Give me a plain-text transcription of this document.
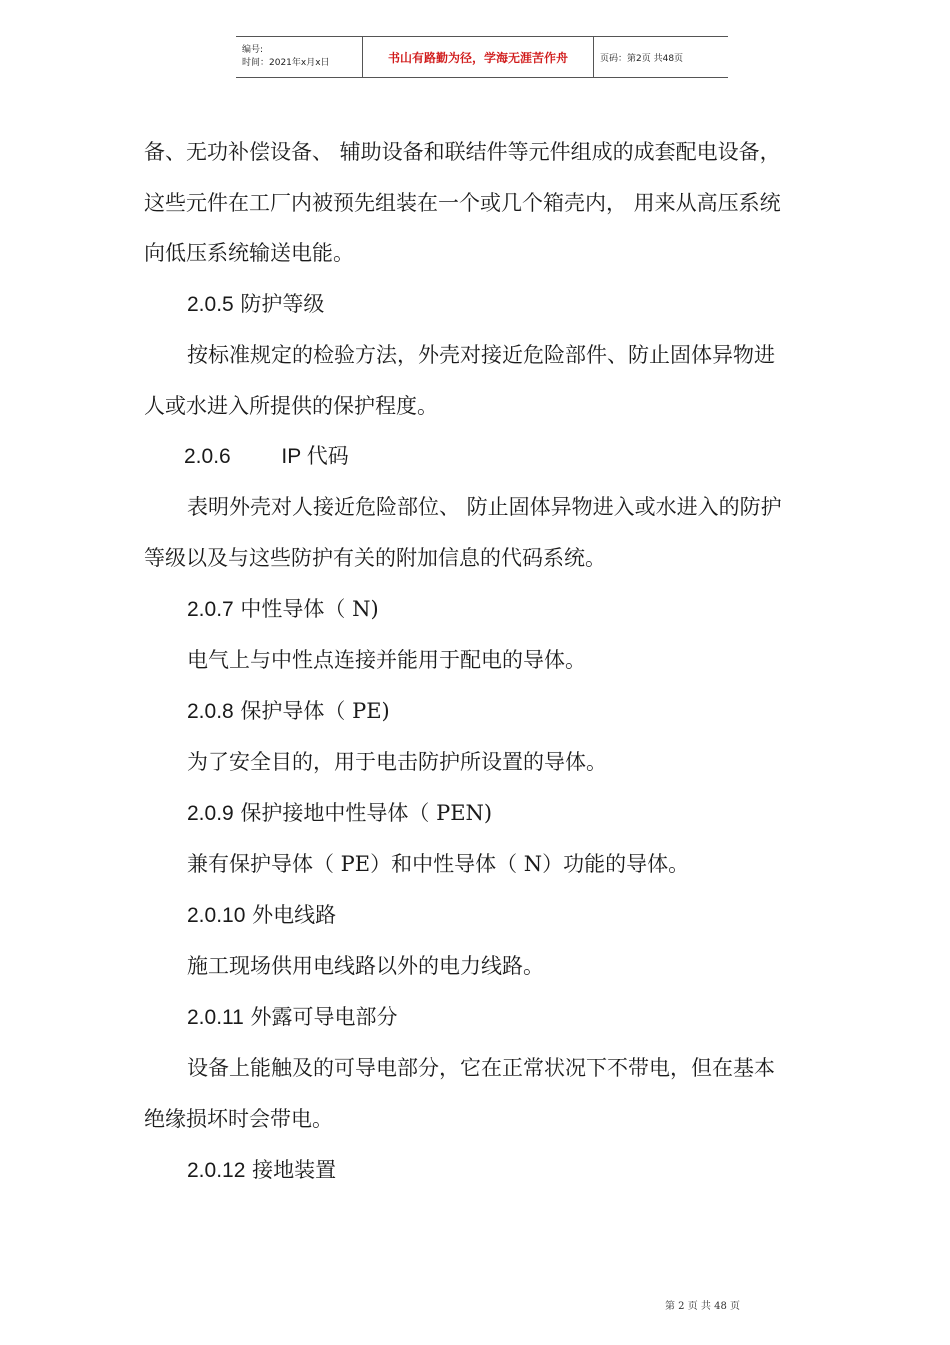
编号:
时间：2021年x月x日	书山有路勤为径，学海无涯苦作舟	页码：第2页 共48页
备、无功补偿设备、 辅助设备和联结件等元件组成的成套配电设备，
这些元件在工厂内被预先组装在一个或几个箱壳内， 用来从高压系统
向低压系统输送电能。
2.0.5 防护等级
按标准规定的检验方法，外壳对接近危险部件、防止固体异物进
人或水进入所提供的保护程度。
2.0.6 IP 代码
表明外壳对人接近危险部位、 防止固体异物进入或水进入的防护
等级以及与这些防护有关的附加信息的代码系统。
2.0.7 中性导体（ N)
电气上与中性点连接并能用于配电的导体。
2.0.8 保护导体（ PE)
为了安全目的，用于电击防护所设置的导体。
2.0.9 保护接地中性导体（ PEN)
兼有保护导体（ PE）和中性导体（ N）功能的导体。
2.0.10 外电线路
施工现场供用电线路以外的电力线路。
2.0.11 外露可导电部分
设备上能触及的可导电部分，它在正常状况下不带电，但在基本
绝缘损坏时会带电。
2.0.12 接地装置
第 2 页 共 48 页
